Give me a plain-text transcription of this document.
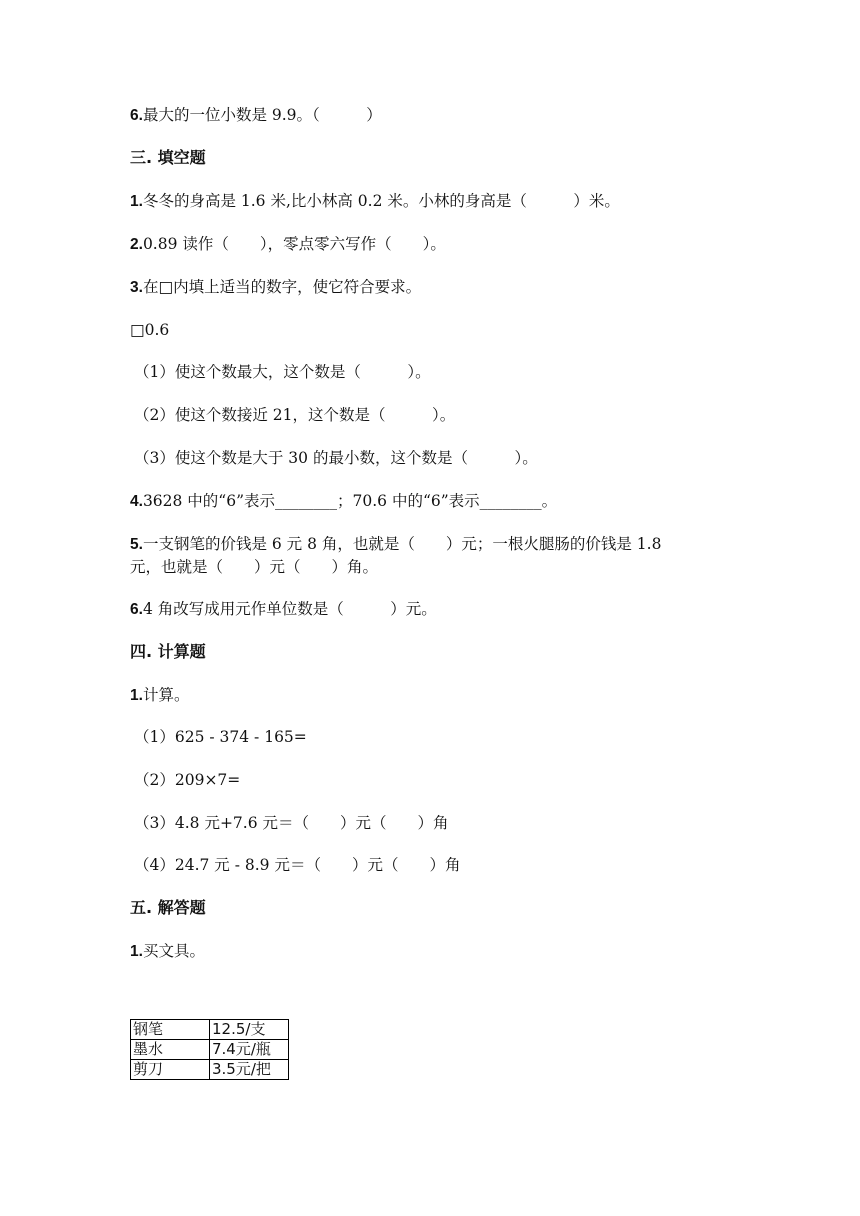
6.最大的一位小数是 9.9。（　　　）
三. 填空题
1.冬冬的身高是 1.6 米,比小林高 0.2 米。小林的身高是（　　　）米。
2.0.89 读作（　　），零点零六写作（　　）。
3.在□内填上适当的数字，使它符合要求。
□0.6
（1）使这个数最大，这个数是（　　　）。
（2）使这个数接近 21，这个数是（　　　）。
（3）使这个数是大于 30 的最小数，这个数是（　　　）。
4.3628 中的“6”表示________；70.6 中的“6”表示________。
5.一支钢笔的价钱是 6 元 8 角，也就是（　　）元；一根火腿肠的价钱是 1.8
元，也就是（　　）元（　　）角。
6.4 角改写成用元作单位数是（　　　）元。
四. 计算题
1.计算。
（1）625 - 374 - 165=
（2）209×7=
（3）4.8 元+7.6 元＝（　　）元（　　）角
（4）24.7 元 - 8.9 元＝（　　）元（　　）角
五. 解答题
1.买文具。
钢笔	12.5/支
墨水	7.4元/瓶
剪刀	3.5元/把
